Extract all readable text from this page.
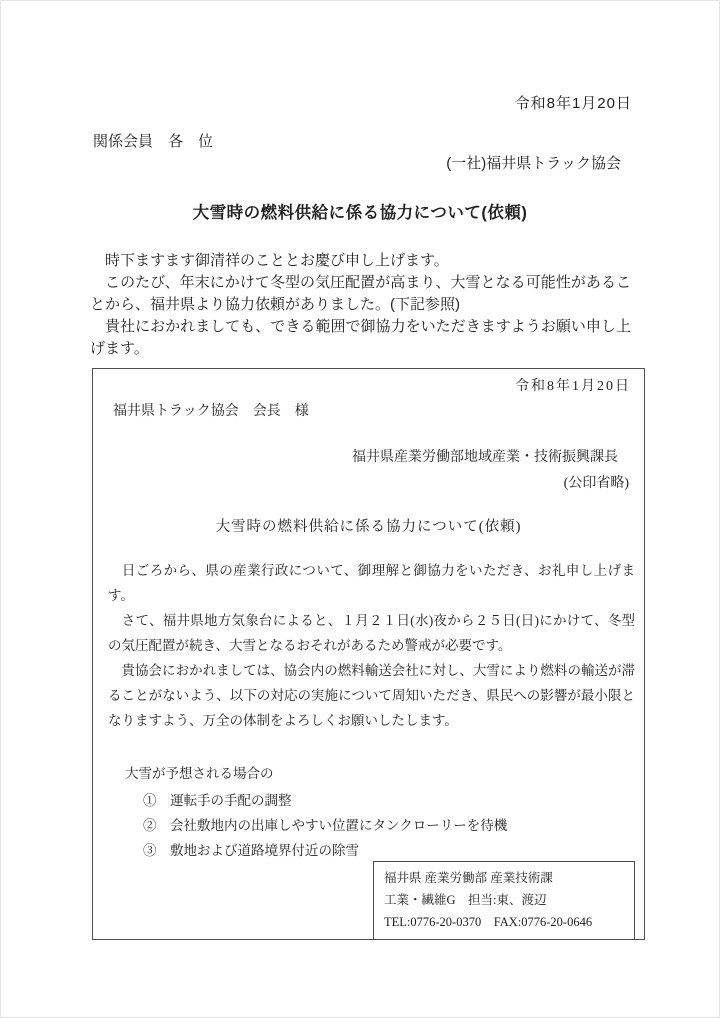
令和8年1月20日
関係会員　各　位
(一社)福井県トラック協会
大雪時の燃料供給に係る協力について(依頼)

　時下ますます御清祥のこととお慶び申し上げます。

　このたび、年末にかけて冬型の気圧配置が高まり、大雪となる可能性があることから、福井県より協力依頼がありました。(下記参照)

　貴社におかれましても、できる範囲で御協力をいただきますようお願い申し上げます。

令和8年1月20日
福井県トラック協会　会長　様
福井県産業労働部地域産業・技術振興課長
(公印省略)
大雪時の燃料供給に係る協力について(依頼)

　日ごろから、県の産業行政について、御理解と御協力をいただき、お礼申し上げます。

　さて、福井県地方気象台によると、１月２１日(水)夜から２５日(日)にかけて、冬型の気圧配置が続き、大雪となるおそれがあるため警戒が必要です。

　貴協会におかれましては、協会内の燃料輸送会社に対し、大雪により燃料の輸送が滞ることがないよう、以下の対応の実施について周知いただき、県民への影響が最小限となりますよう、万全の体制をよろしくお願いしたします。

大雪が予想される場合の
①　運転手の手配の調整
②　会社敷地内の出庫しやすい位置にタンクローリーを待機
③　敷地および道路境界付近の除雪
福井県 産業労働部 産業技術課
工業・繊維G　担当:東、渡辺
TEL:0776-20-0370　FAX:0776-20-0646
